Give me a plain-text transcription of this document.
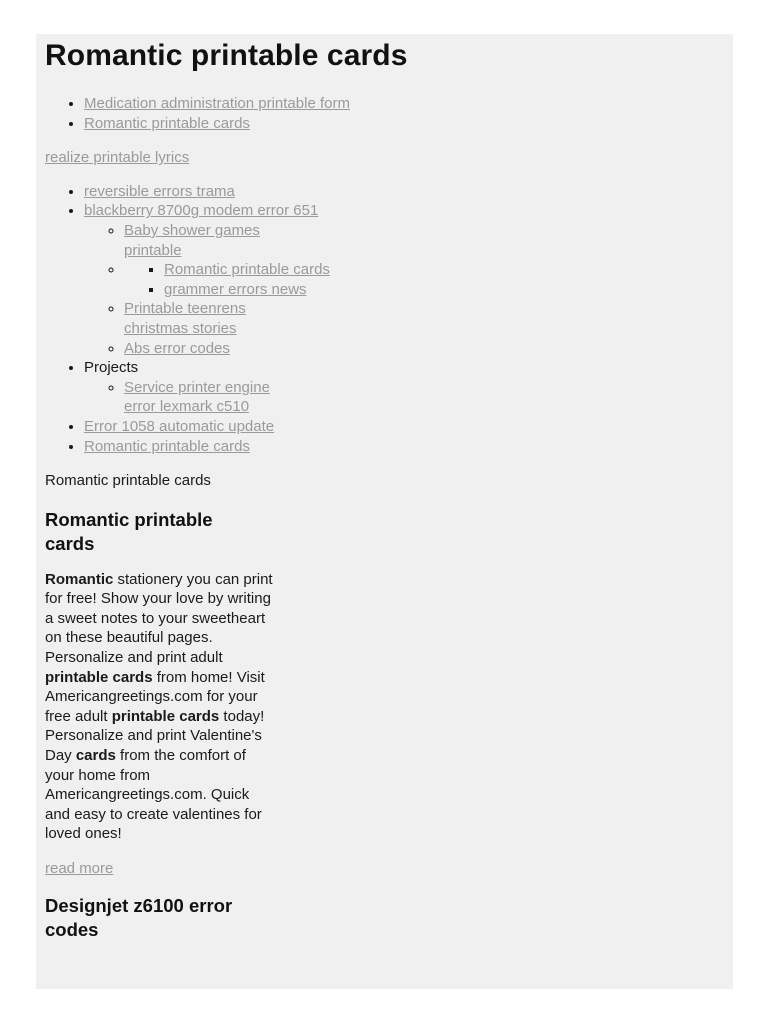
Romantic printable cards
• Medication administration printable form
• Romantic printable cards

realize printable lyrics

• reversible errors trama
• blackberry 8700g modem error 651
◦ Baby shower games printable
▪ ◦ Romantic printable cards
▪ grammer errors news
◦ Printable teenrens christmas stories
◦ Abs error codes
• Projects
◦ Service printer engine error lexmark c510
• Error 1058 automatic update
• Romantic printable cards

Romantic printable cards

Romantic printable cards

Romantic stationery you can print for free! Show your love by writing a sweet notes to your sweetheart on these beautiful pages. Personalize and print adult printable cards from home! Visit Americangreetings.com for your free adult printable cards today! Personalize and print Valentine's Day cards from the comfort of your home from Americangreetings.com. Quick and easy to create valentines for loved ones!

read more

Designjet z6100 error codes
